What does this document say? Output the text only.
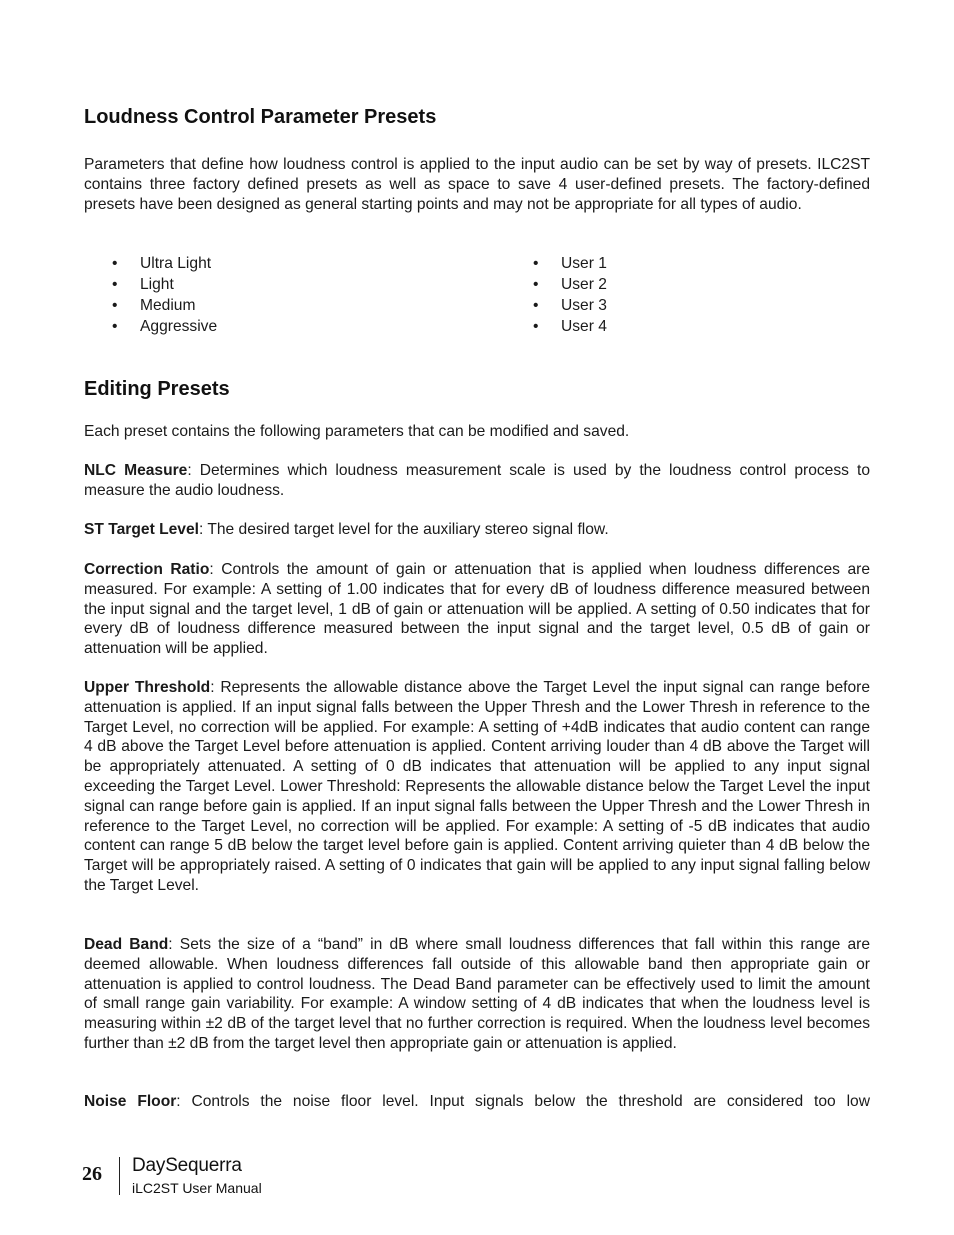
Loudness Control Parameter Presets

Parameters that define how loudness control is applied to the input audio can be set by way of presets. ILC2ST contains three factory defined presets as well as space to save 4 user-defined presets. The factory-defined presets have been designed as general starting points and may not be appropriate for all types of audio.

• Ultra Light
• Light
• Medium
• Aggressive
• User 1
• User 2
• User 3
• User 4
Editing Presets

Each preset contains the following parameters that can be modified and saved.

NLC Measure: Determines which loudness measurement scale is used by the loudness control process to measure the audio loudness.

ST Target Level: The desired target level for the auxiliary stereo signal flow.

Correction Ratio: Controls the amount of gain or attenuation that is applied when loudness differences are measured. For example: A setting of 1.00 indicates that for every dB of loudness difference measured between the input signal and the target level, 1 dB of gain or attenuation will be applied. A setting of 0.50 indicates that for every dB of loudness difference measured between the input signal and the target level, 0.5 dB of gain or attenuation will be applied.

Upper Threshold: Represents the allowable distance above the Target Level the input signal can range before attenuation is applied. If an input signal falls between the Upper Thresh and the Lower Thresh in reference to the Target Level, no correction will be applied. For example: A setting of +4dB indicates that audio content can range 4 dB above the Target Level before attenuation is applied. Content arriving louder than 4 dB above the Target will be appropriately attenuated. A setting of 0 dB indicates that attenuation will be applied to any input signal exceeding the Target Level. Lower Threshold: Represents the allowable distance below the Target Level the input signal can range before gain is applied. If an input signal falls between the Upper Thresh and the Lower Thresh in reference to the Target Level, no correction will be applied. For example: A setting of -5 dB indicates that audio content can range 5 dB below the target level before gain is applied. Content arriving quieter than 4 dB below the Target will be appropriately raised. A setting of 0 indicates that gain will be applied to any input signal falling below the Target Level.

Dead Band: Sets the size of a “band” in dB where small loudness differences that fall within this range are deemed allowable. When loudness differences fall outside of this allowable band then appropriate gain or attenuation is applied to control loudness. The Dead Band parameter can be effectively used to limit the amount of small range gain variability. For example: A window setting of 4 dB indicates that when the loudness level is measuring within ±2 dB of the target level that no further correction is required. When the loudness level becomes further than ±2 dB from the target level then appropriate gain or attenuation is applied.

Noise Floor: Controls the noise floor level. Input signals below the threshold are considered too low

26 DaySequerra
iLC2ST User Manual
